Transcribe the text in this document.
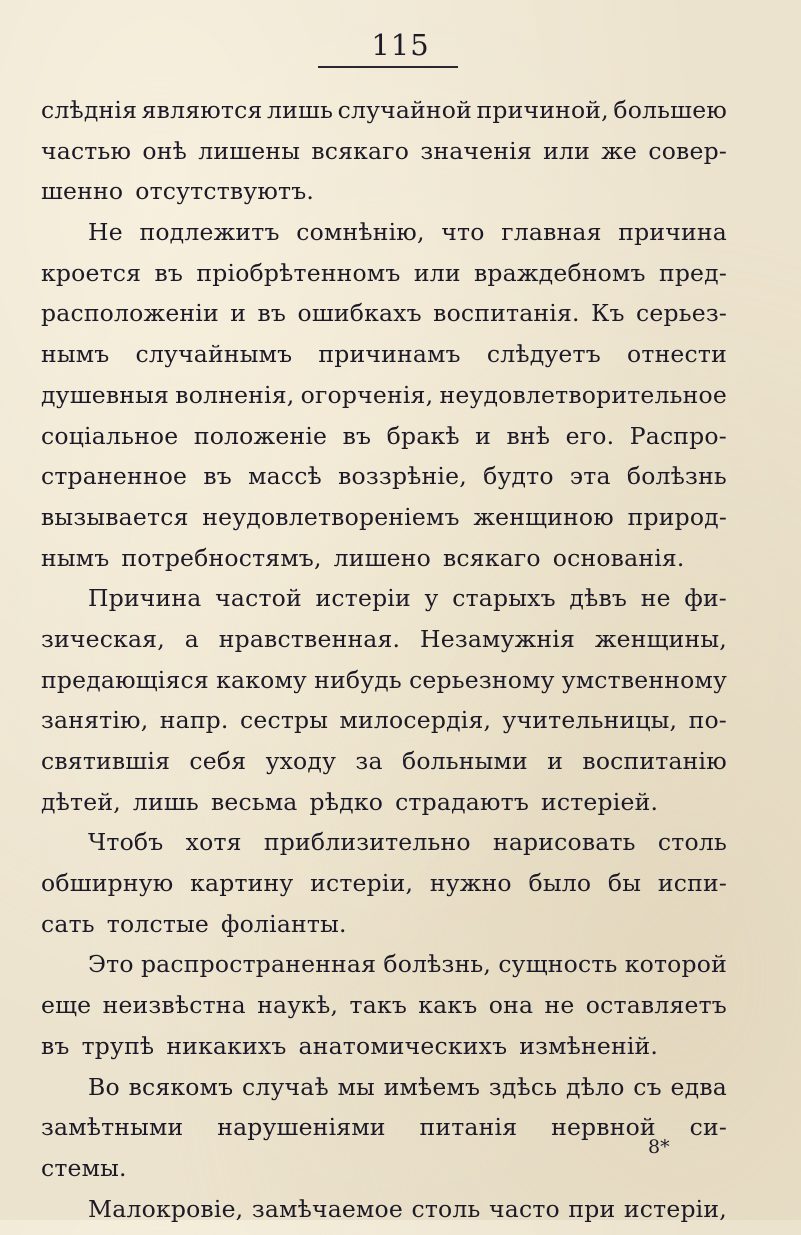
115
слѣднія являются лишь случайной причиной, большею
частью онѣ лишены всякаго значенія или же совер-
шенно отсутствуютъ.
Не подлежитъ сомнѣнію, что главная причина
кроется въ пріобрѣтенномъ или враждебномъ пред-
расположеніи и въ ошибкахъ воспитанія. Къ серьез-
нымъ случайнымъ причинамъ слѣдуетъ отнести
душевныя волненія, огорченія, неудовлетворительное
соціальное положеніе въ бракѣ и внѣ его. Распро-
страненное въ массѣ воззрѣніе, будто эта болѣзнь
вызывается неудовлетвореніемъ женщиною природ-
нымъ потребностямъ, лишено всякаго основанія.
Причина частой истеріи у старыхъ дѣвъ не фи-
зическая, а нравственная. Незамужнія женщины,
предающіяся какому нибудь серьезному умственному
занятію, напр. сестры милосердія, учительницы, по-
святившія себя уходу за больными и воспитанію
дѣтей, лишь весьма рѣдко страдаютъ истеріей.
Чтобъ хотя приблизительно нарисовать столь
обширную картину истеріи, нужно было бы испи-
сать толстые фоліанты.
Это распространенная болѣзнь, сущность которой
еще неизвѣстна наукѣ, такъ какъ она не оставляетъ
въ трупѣ никакихъ анатомическихъ измѣненій.
Во всякомъ случаѣ мы имѣемъ здѣсь дѣло съ едва
замѣтными нарушеніями питанія нервной си-
стемы.
Малокровіе, замѣчаемое столь часто при истеріи,
8*
